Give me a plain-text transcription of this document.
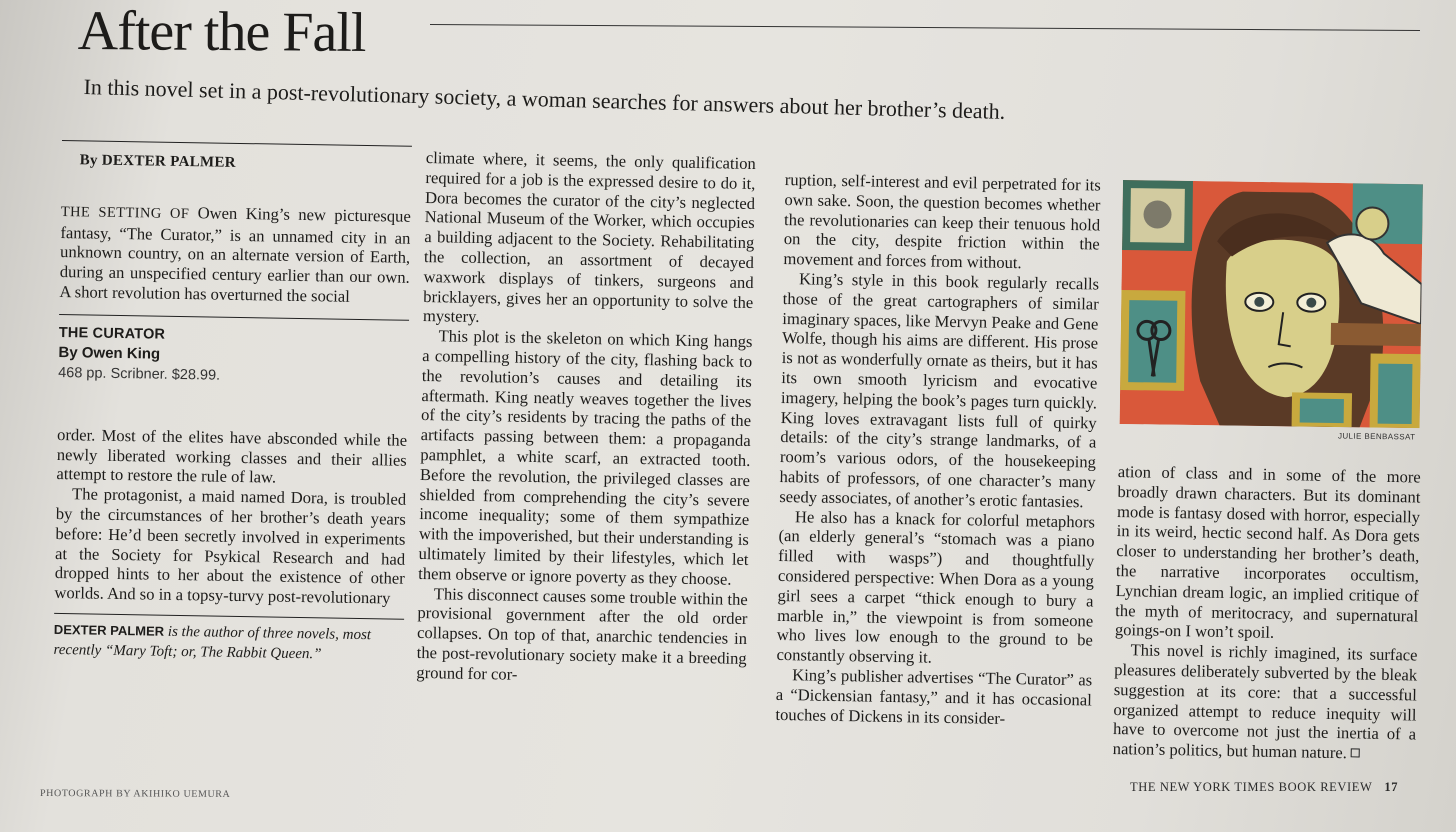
After the Fall

In this novel set in a post-revolutionary society, a woman searches for answers about her brother’s death.

By DEXTER PALMER

THE SETTING OF Owen King’s new picturesque fantasy, “The Curator,” is an unnamed city in an unknown country, on an alternate version of Earth, during an unspecified century earlier than our own. A short revolution has overturned the social

THE CURATOR
By Owen King
468 pp. Scribner. $28.99.

order. Most of the elites have absconded while the newly liberated working classes and their allies attempt to restore the rule of law.

The protagonist, a maid named Dora, is troubled by the circumstances of her brother’s death years before: He’d been secretly involved in experiments at the Society for Psykical Research and had dropped hints to her about the existence of other worlds. And so in a topsy-turvy post-revolutionary

DEXTER PALMER is the author of three novels, most recently “Mary Toft; or, The Rabbit Queen.”

climate where, it seems, the only qualification required for a job is the expressed desire to do it, Dora becomes the curator of the city’s neglected National Museum of the Worker, which occupies a building adjacent to the Society. Rehabilitating the collection, an assortment of decayed waxwork displays of tinkers, surgeons and bricklayers, gives her an opportunity to solve the mystery.

This plot is the skeleton on which King hangs a compelling history of the city, flashing back to the revolution’s causes and detailing its aftermath. King neatly weaves together the lives of the city’s residents by tracing the paths of the artifacts passing between them: a propaganda pamphlet, a white scarf, an extracted tooth. Before the revolution, the privileged classes are shielded from comprehending the city’s severe income inequality; some of them sympathize with the impoverished, but their understanding is ultimately limited by their lifestyles, which let them observe or ignore poverty as they choose.

This disconnect causes some trouble within the provisional government after the old order collapses. On top of that, anarchic tendencies in the post-revolutionary society make it a breeding ground for cor-

ruption, self-interest and evil perpetrated for its own sake. Soon, the question becomes whether the revolutionaries can keep their tenuous hold on the city, despite friction within the movement and forces from without.

King’s style in this book regularly recalls those of the great cartographers of similar imaginary spaces, like Mervyn Peake and Gene Wolfe, though his aims are different. His prose is not as wonderfully ornate as theirs, but it has its own smooth lyricism and evocative imagery, helping the book’s pages turn quickly. King loves extravagant lists full of quirky details: of the city’s strange landmarks, of a room’s various odors, of the housekeeping habits of professors, of one character’s many seedy associates, of another’s erotic fantasies.

He also has a knack for colorful metaphors (an elderly general’s “stomach was a piano filled with wasps”) and thoughtfully considered perspective: When Dora as a young girl sees a carpet “thick enough to bury a marble in,” the viewpoint is from someone who lives low enough to the ground to be constantly observing it.

King’s publisher advertises “The Curator” as a “Dickensian fantasy,” and it has occasional touches of Dickens in its consider-

JULIE BENBASSAT

ation of class and in some of the more broadly drawn characters. But its dominant mode is fantasy dosed with horror, especially in its weird, hectic second half. As Dora gets closer to understanding her brother’s death, the narrative incorporates occultism, Lynchian dream logic, an implied critique of the myth of meritocracy, and supernatural goings-on I won’t spoil.

This novel is richly imagined, its surface pleasures deliberately subverted by the bleak suggestion at its core: that a successful organized attempt to reduce inequity will have to overcome not just the inertia of a nation’s politics, but human nature.

PHOTOGRAPH BY AKIHIKO UEMURA	THE NEW YORK TIMES BOOK REVIEW 17
